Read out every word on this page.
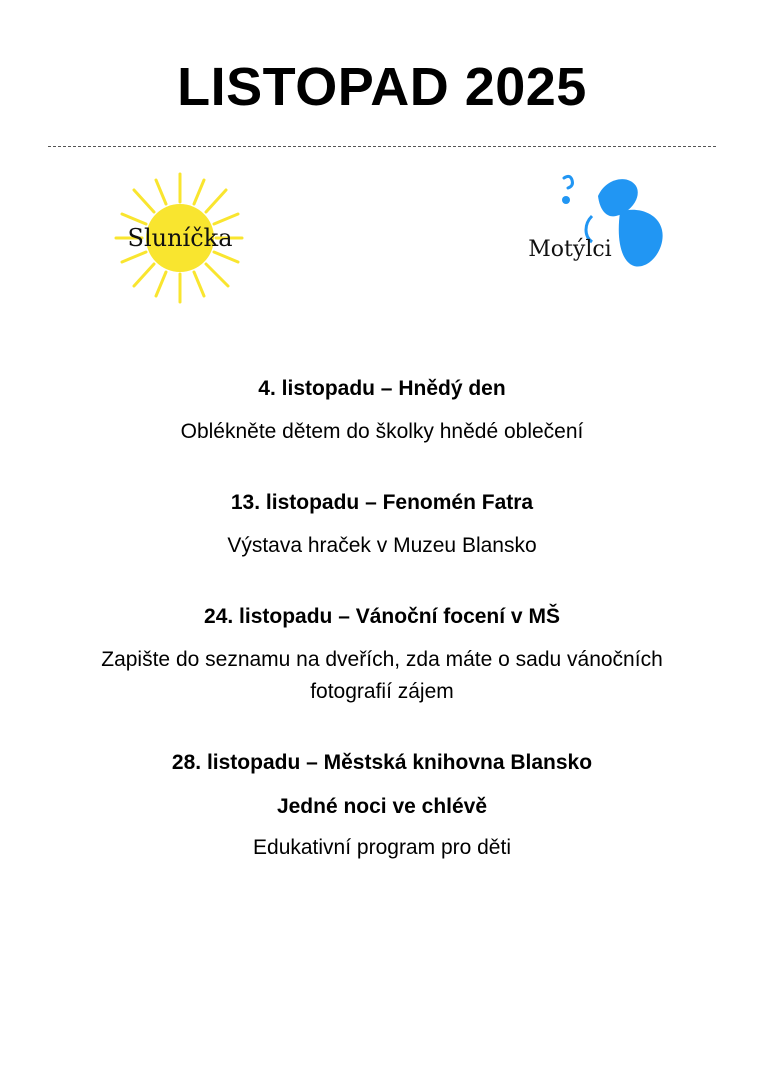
LISTOPAD 2025
Sluníčka	Motýlci

4. listopadu – Hnědý den

Oblékněte dětem do školky hnědé oblečení

13. listopadu – Fenomén Fatra

Výstava hraček v Muzeu Blansko

24. listopadu – Vánoční focení v MŠ

Zapište do seznamu na dveřích, zda máte o sadu vánočních fotografií zájem

28. listopadu – Městská knihovna Blansko

Jedné noci ve chlévě

Edukativní program pro děti
